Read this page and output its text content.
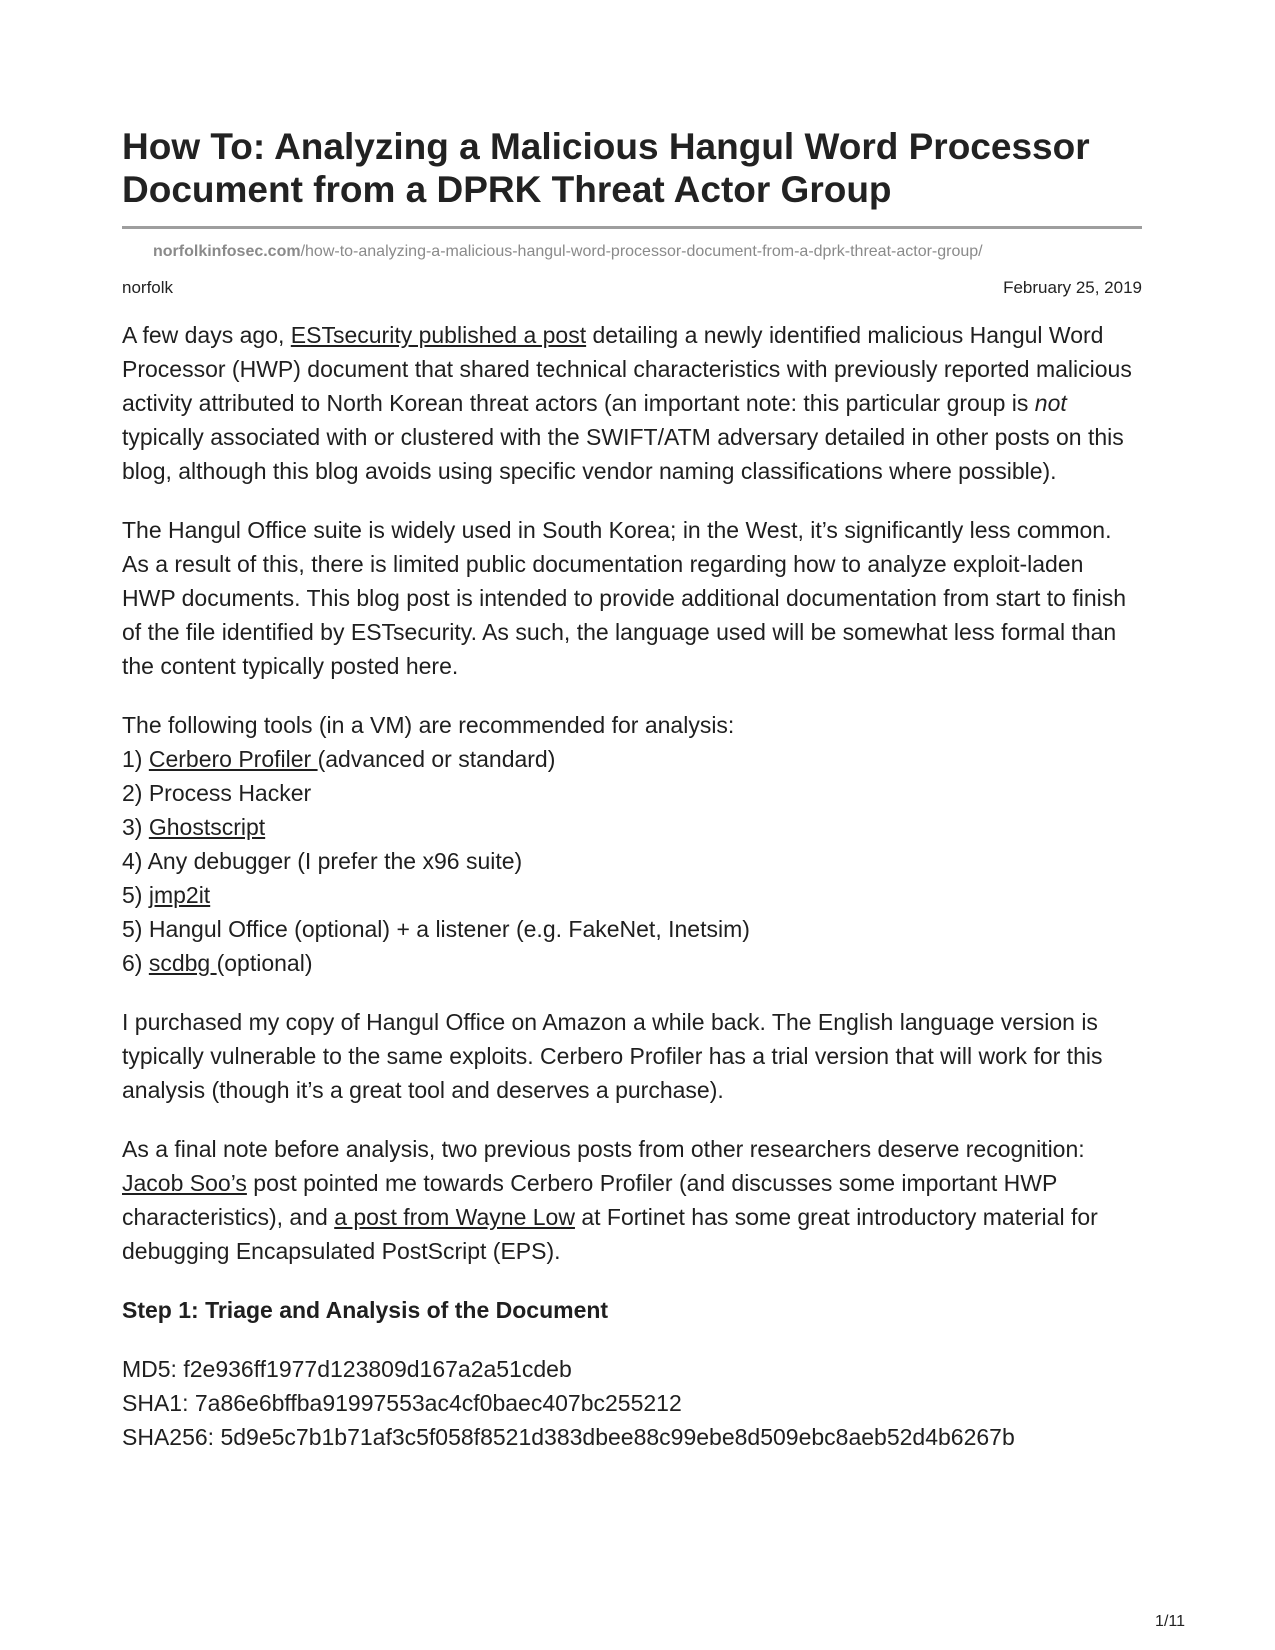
How To: Analyzing a Malicious Hangul Word Processor Document from a DPRK Threat Actor Group
norfolkinfosec.com/how-to-analyzing-a-malicious-hangul-word-processor-document-from-a-dprk-threat-actor-group/
norfolk	February 25, 2019

A few days ago, ESTsecurity published a post detailing a newly identified malicious Hangul Word Processor (HWP) document that shared technical characteristics with previously reported malicious activity attributed to North Korean threat actors (an important note: this particular group is not typically associated with or clustered with the SWIFT/ATM adversary detailed in other posts on this blog, although this blog avoids using specific vendor naming classifications where possible).

The Hangul Office suite is widely used in South Korea; in the West, it’s significantly less common. As a result of this, there is limited public documentation regarding how to analyze exploit-laden HWP documents. This blog post is intended to provide additional documentation from start to finish of the file identified by ESTsecurity. As such, the language used will be somewhat less formal than the content typically posted here.

The following tools (in a VM) are recommended for analysis:
1) Cerbero Profiler (advanced or standard)
2) Process Hacker
3) Ghostscript
4) Any debugger (I prefer the x96 suite)
5) jmp2it
5) Hangul Office (optional) + a listener (e.g. FakeNet, Inetsim)
6) scdbg (optional)

I purchased my copy of Hangul Office on Amazon a while back. The English language version is typically vulnerable to the same exploits. Cerbero Profiler has a trial version that will work for this analysis (though it’s a great tool and deserves a purchase).

As a final note before analysis, two previous posts from other researchers deserve recognition: Jacob Soo’s post pointed me towards Cerbero Profiler (and discusses some important HWP characteristics), and a post from Wayne Low at Fortinet has some great introductory material for debugging Encapsulated PostScript (EPS).

Step 1: Triage and Analysis of the Document

MD5: f2e936ff1977d123809d167a2a51cdeb
SHA1: 7a86e6bffba91997553ac4cf0baec407bc255212
SHA256: 5d9e5c7b1b71af3c5f058f8521d383dbee88c99ebe8d509ebc8aeb52d4b6267b

1/11
